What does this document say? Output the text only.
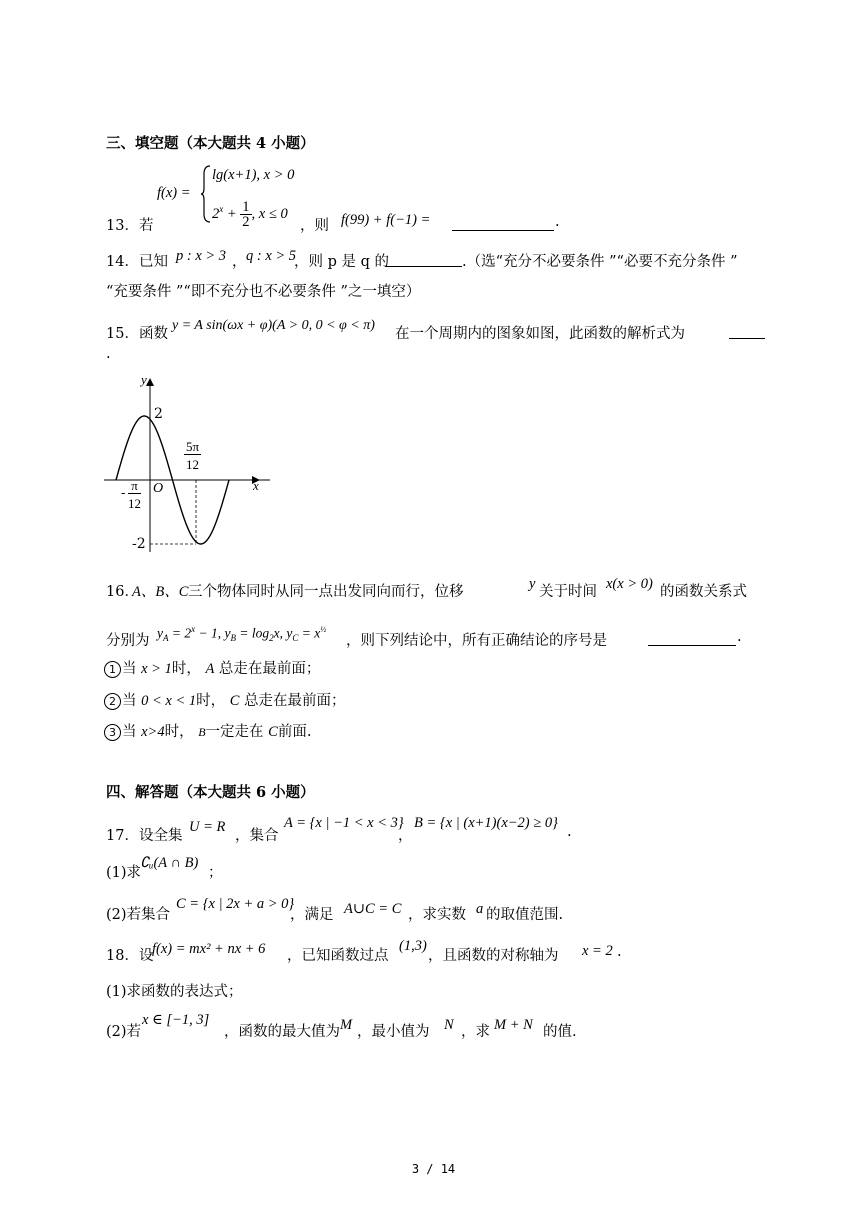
三、填空题（本大题共 4 小题）
f(x) =
lg(x+1), x > 0
$2^x + \frac{1}{2}$ , x ≤ 0
13．若	，则 f(99) + f(−1) =	.
14．已知 p : x > 3 ， q : x > 5
，则 p 是 q 的	.（选“充分不必要条件 ”“必要不充分条件 ”
“充要条件 ”“即不充分也不必要条件 ”之一填空）
15．函数
y = A sin(ωx + φ)(A > 0, 0 < φ < π)
在一个周期内的图象如图，此函数的解析式为
.
y
x
O
2
-2
- $\frac{\pi}{12}$
$\frac{5\pi}{12}$
16．
A、B、C 三个物体同时从同一点出发同向而行，位移	y 关于时间 x(x > 0) 的函数关系式
分别为 $y_A = 2^x - 1$, $y_B = \log_2x$, $y_C = x^{\frac{1}{2}}$
，则下列结论中，所有正确结论的序号是	.
1 当 x > 1时， A 总走在最前面；
2 当 0 < x < 1时， C 总走在最前面；
3 当 x>4时， B一定走在 C前面.
四、解答题（本大题共 6 小题）
17．设全集
U = R
，集合
A = {x | −1 < x < 3}
，
B = {x | (x+1)(x−2) ≥ 0}
.
(1)求
∁ᵤ(A ∩ B)
；
(2)若集合
C = {x | 2x + a > 0}
，满足 A∪C = C ，求实数 a 的取值范围.
18．设
f(x) = mx² + nx + 6 ，已知函数过点
(1,3)
，且函数的对称轴为 x = 2 .
(1)求函数的表达式；
(2)若
x ∈ [−1, 3]
，函数的最大值为 M ，最小值为 N ，求 M + N 的值.
3 / 14
